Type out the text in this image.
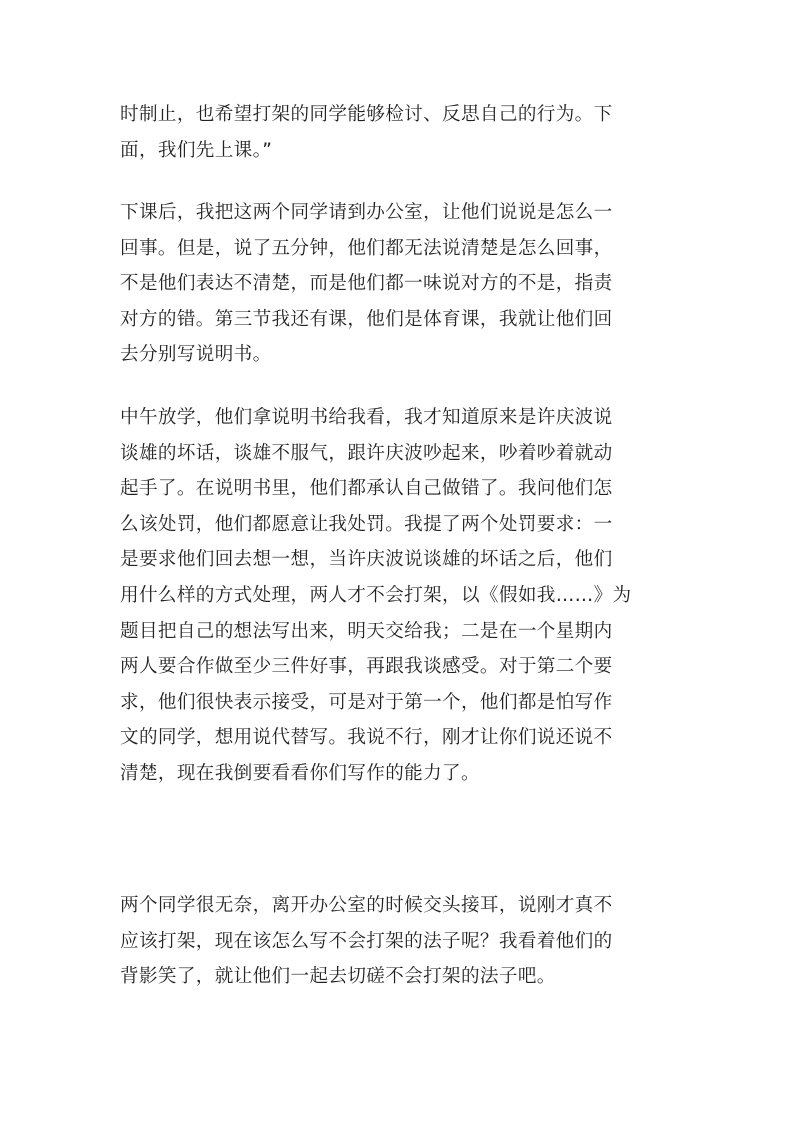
时制止，也希望打架的同学能够检讨、反思自己的行为。下
面，我们先上课。”
下课后，我把这两个同学请到办公室，让他们说说是怎么一
回事。但是，说了五分钟，他们都无法说清楚是怎么回事，
不是他们表达不清楚，而是他们都一味说对方的不是，指责
对方的错。第三节我还有课，他们是体育课，我就让他们回
去分别写说明书。
中午放学，他们拿说明书给我看，我才知道原来是许庆波说
谈雄的坏话，谈雄不服气，跟许庆波吵起来，吵着吵着就动
起手了。在说明书里，他们都承认自己做错了。我问他们怎
么该处罚，他们都愿意让我处罚。我提了两个处罚要求：一
是要求他们回去想一想，当许庆波说谈雄的坏话之后，他们
用什么样的方式处理，两人才不会打架，以《假如我……》为
题目把自己的想法写出来，明天交给我；二是在一个星期内
两人要合作做至少三件好事，再跟我谈感受。对于第二个要
求，他们很快表示接受，可是对于第一个，他们都是怕写作
文的同学，想用说代替写。我说不行，刚才让你们说还说不
清楚，现在我倒要看看你们写作的能力了。
两个同学很无奈，离开办公室的时候交头接耳，说刚才真不
应该打架，现在该怎么写不会打架的法子呢？我看着他们的
背影笑了，就让他们一起去切磋不会打架的法子吧。
